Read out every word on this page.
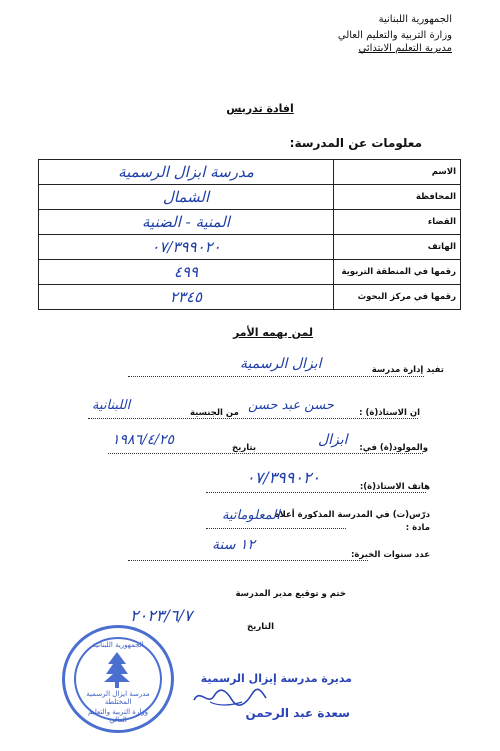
الجمهورية اللبنانية
وزارة التربية والتعليم العالي
مديرية التعليم الابتدائي
افادة تدريس
معلومات عن المدرسة:
مدرسة ابزال الرسمية	الاسم
الشمال	المحافظة
المنية - الضنية	القضاء
٠٧/٣٩٩٠٢٠	الهاتف
٤٩٩	رقمها في المنطقة التربوية
٢٣٤٥	رقمها في مركز البحوث
لمن يهمه الأمر
تفيد إدارة مدرسة
ابزال الرسمية
ان الاستاذ(ة) :
حسن عبد حسن
من الجنسية
اللبنانية
والمولود(ة) في:
ابزال
بتاريخ
١٩٨٦/٤/٢٥
هاتف الاستاذ(ة):
٠٧/٣٩٩٠٢٠
درّس(ت) في المدرسة المذكورة أعلاه
مادة :
المعلوماتية
عدد سنوات الخبرة:
١٢ سنة
ختم و توقيع مدير المدرسة
التاريخ
٢٠٢٣/٦/٧
الجمهورية اللبنانية
مدرسة ايزال الرسمية المختلطة
وزارة التربية والتعليم العالي
مديرة مدرسة إيزال الرسمية
سعدة عبد الرحمن
